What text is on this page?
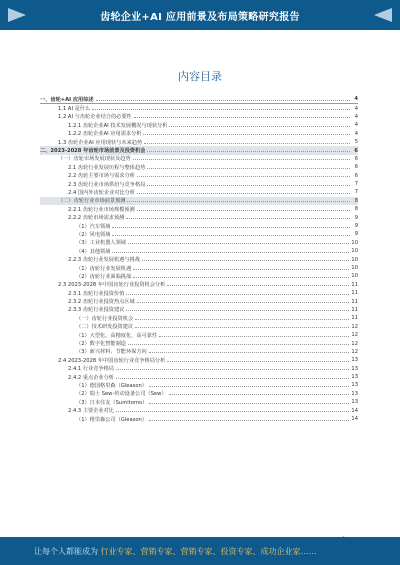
齿轮企业+AI 应用前景及布局策略研究报告
内容目录
一、齿轮+AI 应用综述	4
1.1 AI 是什么	4
1.2 AI 与齿轮企业结合的必要性	4
1.2.1 齿轮企业AI 技术发展概况与现状分析	4
1.2.2 齿轮企业AI 应用需求分析	4
1.3 齿轮企业AI 应用现状与未来趋势	5
二、2023-2028 年齿轮市场前景及投资机会	6
（一）齿轮市场发展现状及趋势	6
2.1 齿轮行业发展历程与整体趋势	6
2.2 齿轮主要市场与需求分析	6
2.3 齿轮行业市场供给与竞争格局	7
2.4 国内外齿轮企业对比分析	7
（二）齿轮行业市场前景预测	8
2.2.1 齿轮行业市场规模预测	8
2.2.2 齿轮市场需求预测	9
（1）汽车领域	9
（2）风电领域	9
（3）工业机器人领域	10
（4）其他领域	10
2.2.3 齿轮行业发展机遇与挑战	10
（1）齿轮行业发展机遇	10
（2）齿轮行业面临挑战	10
2.3 2023-2028 年中国齿轮行业投资机会分析	11
2.3.1 齿轮行业投资价值	11
2.3.2 齿轮行业投资热点区域	11
2.3.3 齿轮行业投资建议	11
（一）齿轮行业投资机会	11
（二）技术研发投资建议	12
（1）大型化、高精度化、高可靠性	12
（2）数字化智能制造	12
（3）新兴材料、节能环保方向	12
2.4 2023-2028 年中国齿轮行业竞争格局分析	13
2.4.1 行业竞争格局	13
2.4.2 重点企业分析	13
（1）德国格里森（Gleason）	13
（2）瑞士 Sew-传动设备公司（Sew）	13
（3）日本住友（Sumitomo）	13
2.4.3 主要企业对比	14
（1）格里森公司（Gleason）	14
让每个人都能成为 行业专家、营销专家、营销专家、投资专家、成功企业家……
